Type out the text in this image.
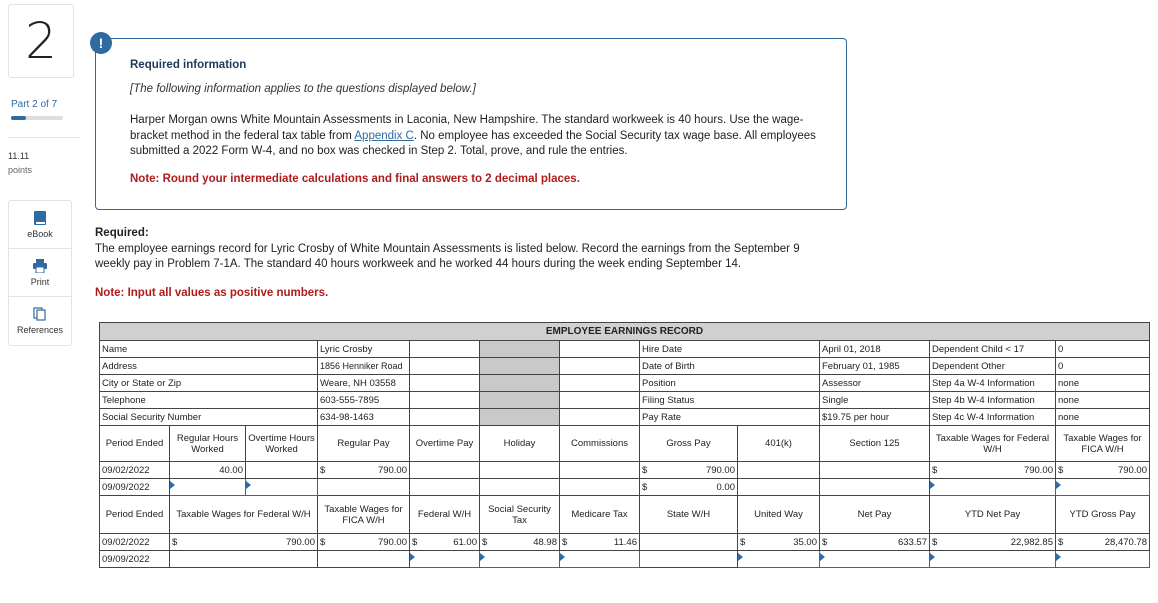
2
Part 2 of 7
11.11
points
eBook
Print
References
Required information
[The following information applies to the questions displayed below.]
Harper Morgan owns White Mountain Assessments in Laconia, New Hampshire. The standard workweek is 40 hours. Use the wage-bracket method in the federal tax table from Appendix C. No employee has exceeded the Social Security tax wage base. All employees submitted a 2022 Form W-4, and no box was checked in Step 2. Total, prove, and rule the entries.
Note: Round your intermediate calculations and final answers to 2 decimal places.
!
Required:
The employee earnings record for Lyric Crosby of White Mountain Assessments is listed below. Record the earnings from the September 9 weekly pay in Problem 7-1A. The standard 40 hours workweek and he worked 44 hours during the week ending September 14.
Note: Input all values as positive numbers.
EMPLOYEE EARNINGS RECORD											
Name			Lyric Crosby				Hire Date		April 01, 2018	Dependent Child < 17	0
Address			1856 Henniker Road				Date of Birth		February 01, 1985	Dependent Other	0
City or State or Zip			Weare, NH 03558				Position		Assessor	Step 4a W-4 Information	none
Telephone			603-555-7895				Filing Status		Single	Step 4b W-4 Information	none
Social Security Number			634-98-1463				Pay Rate		$19.75 per hour	Step 4c W-4 Information	none
Period Ended	Regular Hours Worked	Overtime Hours Worked	Regular Pay	Overtime Pay	Holiday	Commissions	Gross Pay	401(k)	Section 125	Taxable Wages for Federal W/H	Taxable Wages for FICA W/H
09/02/2022	40.00		$ 790.00				$ 790.00			$ 790.00	$ 790.00

09/09/2022							$ 0.00				

Period Ended	Taxable Wages for Federal W/H		Taxable Wages for FICA W/H	Federal W/H	Social Security Tax	Medicare Tax	State W/H	United Way	Net Pay	YTD Net Pay	YTD Gross Pay
09/02/2022	$ 790.00		$ 790.00	$ 61.00	$ 48.98	$ 11.46		$ 35.00	$ 633.57	$ 22,982.85	$ 28,470.78

09/09/2022											
